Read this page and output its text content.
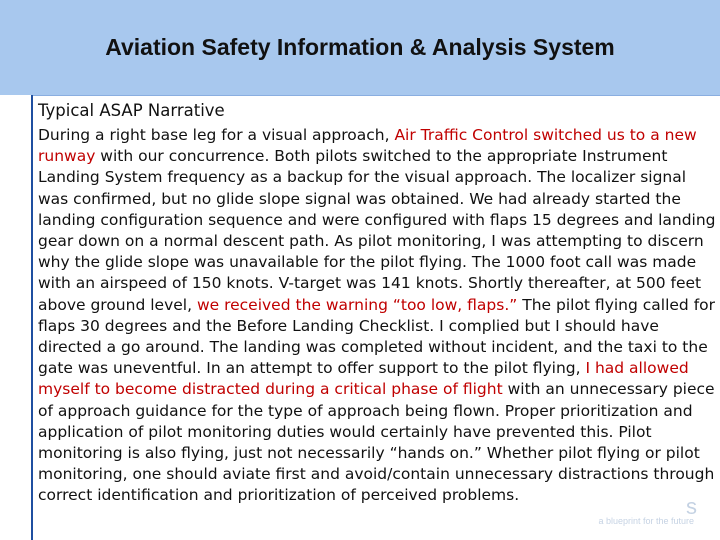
Aviation Safety Information & Analysis System
Typical ASAP Narrative

During a right base leg for a visual approach, Air Traffic Control switched us to a new runway with our concurrence. Both pilots switched to the appropriate Instrument Landing System frequency as a backup for the visual approach. The localizer signal was confirmed, but no glide slope signal was obtained. We had already started the landing configuration sequence and were configured with flaps 15 degrees and landing gear down on a normal descent path. As pilot monitoring, I was attempting to discern why the glide slope was unavailable for the pilot flying. The 1000 foot call was made with an airspeed of 150 knots. V-target was 141 knots. Shortly thereafter, at 500 feet above ground level, we received the warning “too low, flaps.” The pilot flying called for flaps 30 degrees and the Before Landing Checklist. I complied but I should have directed a go around. The landing was completed without incident, and the taxi to the gate was uneventful. In an attempt to offer support to the pilot flying, I had allowed myself to become distracted during a critical phase of flight with an unnecessary piece of approach guidance for the type of approach being flown. Proper prioritization and application of pilot monitoring duties would certainly have prevented this. Pilot monitoring is also flying, just not necessarily “hands on.” Whether pilot flying or pilot monitoring, one should aviate first and avoid/contain unnecessary distractions through correct identification and prioritization of perceived problems.	s
a blueprint for the future
